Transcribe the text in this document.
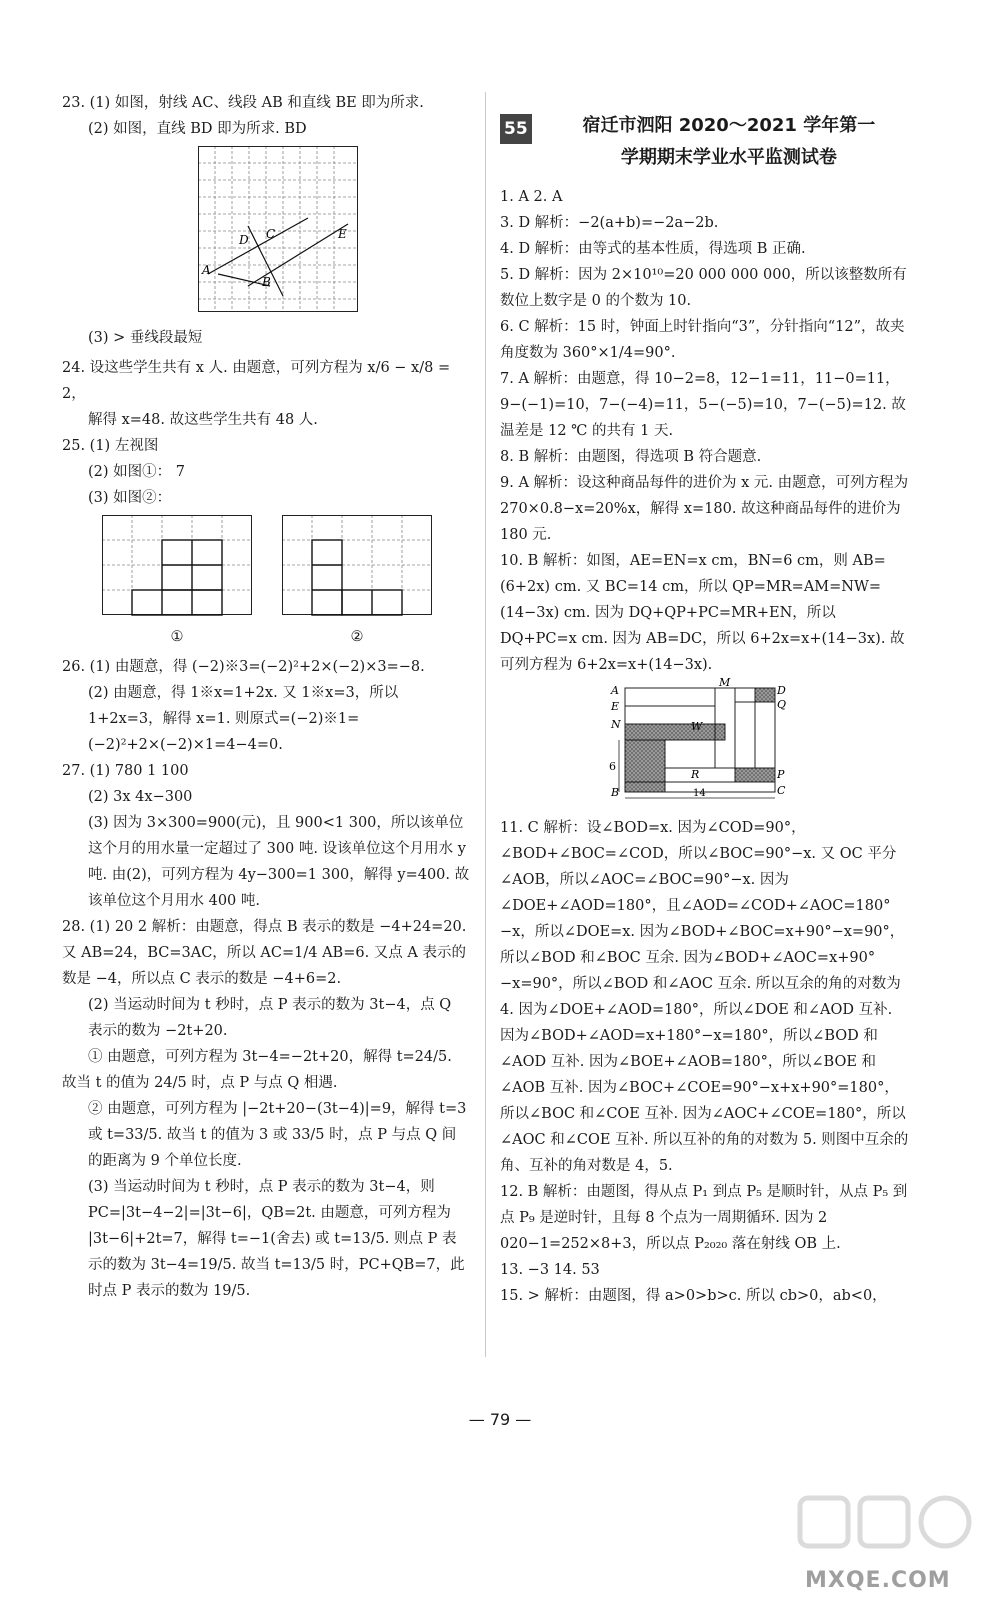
23. (1) 如图，射线 AC、线段 AB 和直线 BE 即为所求.

(2) 如图，直线 BD 即为所求. BD

D C	E
A
B

(3) > 垂线段最短

24. 设这些学生共有 x 人. 由题意，可列方程为 x/6 − x/8 = 2，

解得 x=48. 故这些学生共有 48 人.

25. (1) 左视图

(2) 如图①： 7

(3) 如图②：

①	②

26. (1) 由题意，得 (−2)※3=(−2)²+2×(−2)×3=−8.

(2) 由题意，得 1※x=1+2x. 又 1※x=3，所以 1+2x=3，解得 x=1. 则原式=(−2)※1=(−2)²+2×(−2)×1=4−4=0.

27. (1) 780 1 100

(2) 3x 4x−300

(3) 因为 3×300=900(元)，且 900<1 300，所以该单位这个月的用水量一定超过了 300 吨. 设该单位这个月用水 y 吨. 由(2)，可列方程为 4y−300=1 300，解得 y=400. 故该单位这个月用水 400 吨.

28. (1) 20 2 解析：由题意，得点 B 表示的数是 −4+24=20. 又 AB=24，BC=3AC，所以 AC=1/4 AB=6. 又点 A 表示的数是 −4，所以点 C 表示的数是 −4+6=2.

(2) 当运动时间为 t 秒时，点 P 表示的数为 3t−4，点 Q 表示的数为 −2t+20.

① 由题意，可列方程为 3t−4=−2t+20，解得 t=24/5.

故当 t 的值为 24/5 时，点 P 与点 Q 相遇.

② 由题意，可列方程为 |−2t+20−(3t−4)|=9，解得 t=3 或 t=33/5. 故当 t 的值为 3 或 33/5 时，点 P 与点 Q 间的距离为 9 个单位长度.

(3) 当运动时间为 t 秒时，点 P 表示的数为 3t−4，则 PC=|3t−4−2|=|3t−6|，QB=2t. 由题意，可列方程为 |3t−6|+2t=7，解得 t=−1(舍去) 或 t=13/5. 则点 P 表示的数为 3t−4=19/5. 故当 t=13/5 时，PC+QB=7，此时点 P 表示的数为 19/5.

55	宿迁市泗阳 2020～2021 学年第一
学期期末学业水平监测试卷

1. A 2. A

3. D 解析：−2(a+b)=−2a−2b.

4. D 解析：由等式的基本性质，得选项 B 正确.

5. D 解析：因为 2×10¹⁰=20 000 000 000，所以该整数所有数位上数字是 0 的个数为 10.

6. C 解析：15 时，钟面上时针指向“3”，分针指向“12”，故夹角度数为 360°×1/4=90°.

7. A 解析：由题意，得 10−2=8，12−1=11，11−0=11，9−(−1)=10，7−(−4)=11，5−(−5)=10，7−(−5)=12. 故温差是 12 ℃ 的共有 1 天.

8. B 解析：由题图，得选项 B 符合题意.

9. A 解析：设这种商品每件的进价为 x 元. 由题意，可列方程为 270×0.8−x=20%x，解得 x=180. 故这种商品每件的进价为 180 元.

10. B 解析：如图，AE=EN=x cm，BN=6 cm，则 AB=(6+2x) cm. 又 BC=14 cm，所以 QP=MR=AM=NW=(14−3x) cm. 因为 DQ+QP+PC=MR+EN，所以 DQ+PC=x cm. 因为 AB=DC，所以 6+2x=x+(14−3x). 故可列方程为 6+2x=x+(14−3x).

A
M
D
Q
E
N	W
6
R	P
B	C
14

11. C 解析：设∠BOD=x. 因为∠COD=90°，∠BOD+∠BOC=∠COD，所以∠BOC=90°−x. 又 OC 平分∠AOB，所以∠AOC=∠BOC=90°−x. 因为∠DOE+∠AOD=180°，且∠AOD=∠COD+∠AOC=180°−x，所以∠DOE=x. 因为∠BOD+∠BOC=x+90°−x=90°，所以∠BOD 和∠BOC 互余. 因为∠BOD+∠AOC=x+90°−x=90°，所以∠BOD 和∠AOC 互余. 所以互余的角的对数为 4. 因为∠DOE+∠AOD=180°，所以∠DOE 和∠AOD 互补. 因为∠BOD+∠AOD=x+180°−x=180°，所以∠BOD 和∠AOD 互补. 因为∠BOE+∠AOB=180°，所以∠BOE 和∠AOB 互补. 因为∠BOC+∠COE=90°−x+x+90°=180°，所以∠BOC 和∠COE 互补. 因为∠AOC+∠COE=180°，所以∠AOC 和∠COE 互补. 所以互补的角的对数为 5. 则图中互余的角、互补的角对数是 4，5.

12. B 解析：由题图，得从点 P₁ 到点 P₅ 是顺时针，从点 P₅ 到点 P₉ 是逆时针，且每 8 个点为一周期循环. 因为 2 020−1=252×8+3，所以点 P₂₀₂₀ 落在射线 OB 上.

13. −3 14. 53

15. > 解析：由题图，得 a>0>b>c. 所以 cb>0，ab<0，

— 79 —
MXQE.COM
